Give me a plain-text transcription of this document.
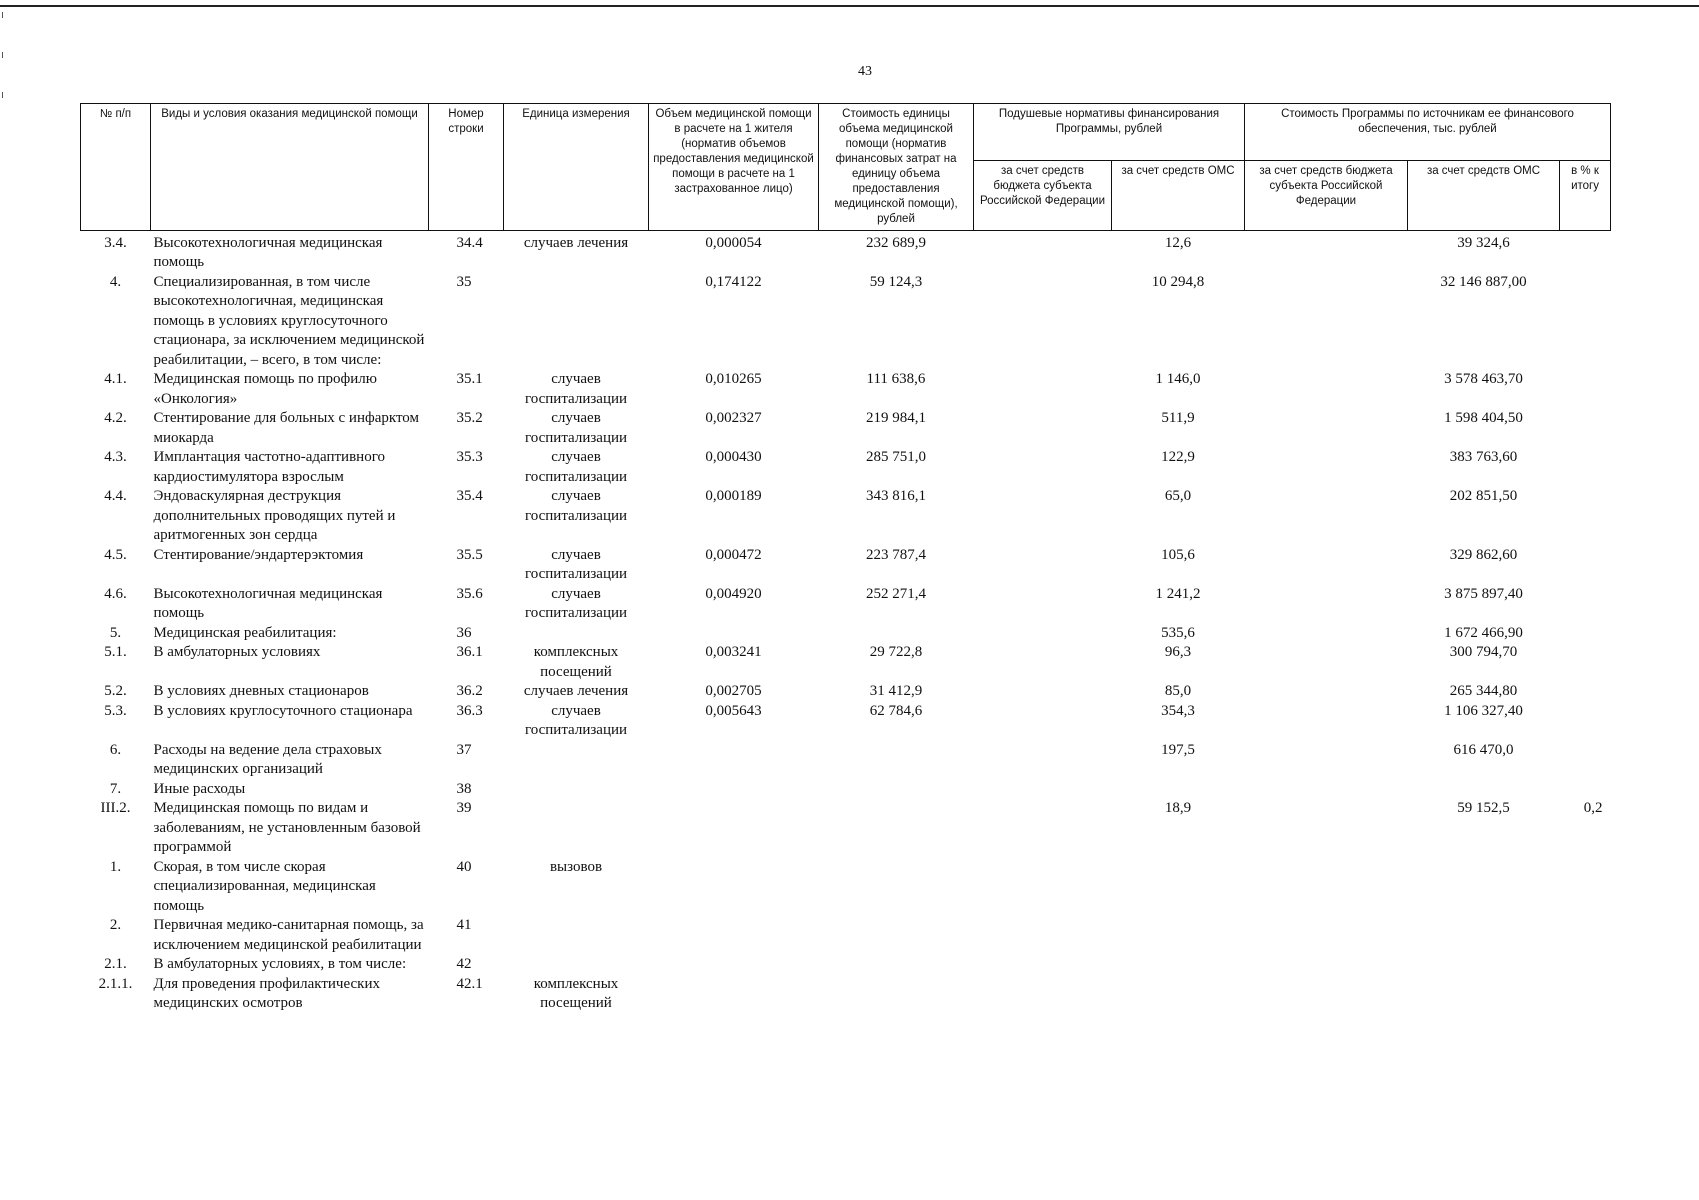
43
№ п/п	Виды и условия оказания медицинской помощи	Номер строки	Единица измерения	Объем медицинской помощи в расчете на 1 жителя (норматив объемов предоставления медицинской помощи в расчете на 1 застрахованное лицо)	Стоимость единицы объема медицинской помощи (норматив финансовых затрат на единицу объема предоставления медицинской помощи), рублей	Подушевые нормативы финансирования Программы, рублей		Стоимость Программы по источникам ее финансового обеспечения, тыс. рублей		
						за счет средств бюджета субъекта Российской Федерации	за счет средств ОМС	за счет средств бюджета субъекта Российской Федерации	за счет средств ОМС	в % к итогу
3.4.	Высокотехнологичная медицинская помощь	34.4	случаев лечения	0,000054	232 689,9		12,6		39 324,6	
4.	Специализированная, в том числе высокотехнологичная, медицинская помощь в условиях круглосуточного стационара, за исключением медицинской реабилитации, – всего, в том числе:	35		0,174122	59 124,3		10 294,8		32 146 887,00	
4.1.	Медицинская помощь по профилю «Онкология»	35.1	случаев госпитализации	0,010265	111 638,6		1 146,0		3 578 463,70	
4.2.	Стентирование для больных с инфарктом миокарда	35.2	случаев госпитализации	0,002327	219 984,1		511,9		1 598 404,50	
4.3.	Имплантация частотно-адаптивного кардиостимулятора взрослым	35.3	случаев госпитализации	0,000430	285 751,0		122,9		383 763,60	
4.4.	Эндоваскулярная деструкция дополнительных проводящих путей и аритмогенных зон сердца	35.4	случаев госпитализации	0,000189	343 816,1		65,0		202 851,50	
4.5.	Стентирование/эндартерэктомия	35.5	случаев госпитализации	0,000472	223 787,4		105,6		329 862,60	
4.6.	Высокотехнологичная медицинская помощь	35.6	случаев госпитализации	0,004920	252 271,4		1 241,2		3 875 897,40	
5.	Медицинская реабилитация:	36					535,6		1 672 466,90	
5.1.	В амбулаторных условиях	36.1	комплексных посещений	0,003241	29 722,8		96,3		300 794,70	
5.2.	В условиях дневных стационаров	36.2	случаев лечения	0,002705	31 412,9		85,0		265 344,80	
5.3.	В условиях круглосуточного стационара	36.3	случаев госпитализации	0,005643	62 784,6		354,3		1 106 327,40	
6.	Расходы на ведение дела страховых медицинских организаций	37					197,5		616 470,0	
7.	Иные расходы	38								
III.2.	Медицинская помощь по видам и заболеваниям, не установленным базовой программой	39					18,9		59 152,5	0,2
1.	Скорая, в том числе скорая специализированная, медицинская помощь	40	вызовов							
2.	Первичная медико-санитарная помощь, за исключением медицинской реабилитации	41								
2.1.	В амбулаторных условиях, в том числе:	42								
2.1.1.	Для проведения профилактических медицинских осмотров	42.1	комплексных посещений							
